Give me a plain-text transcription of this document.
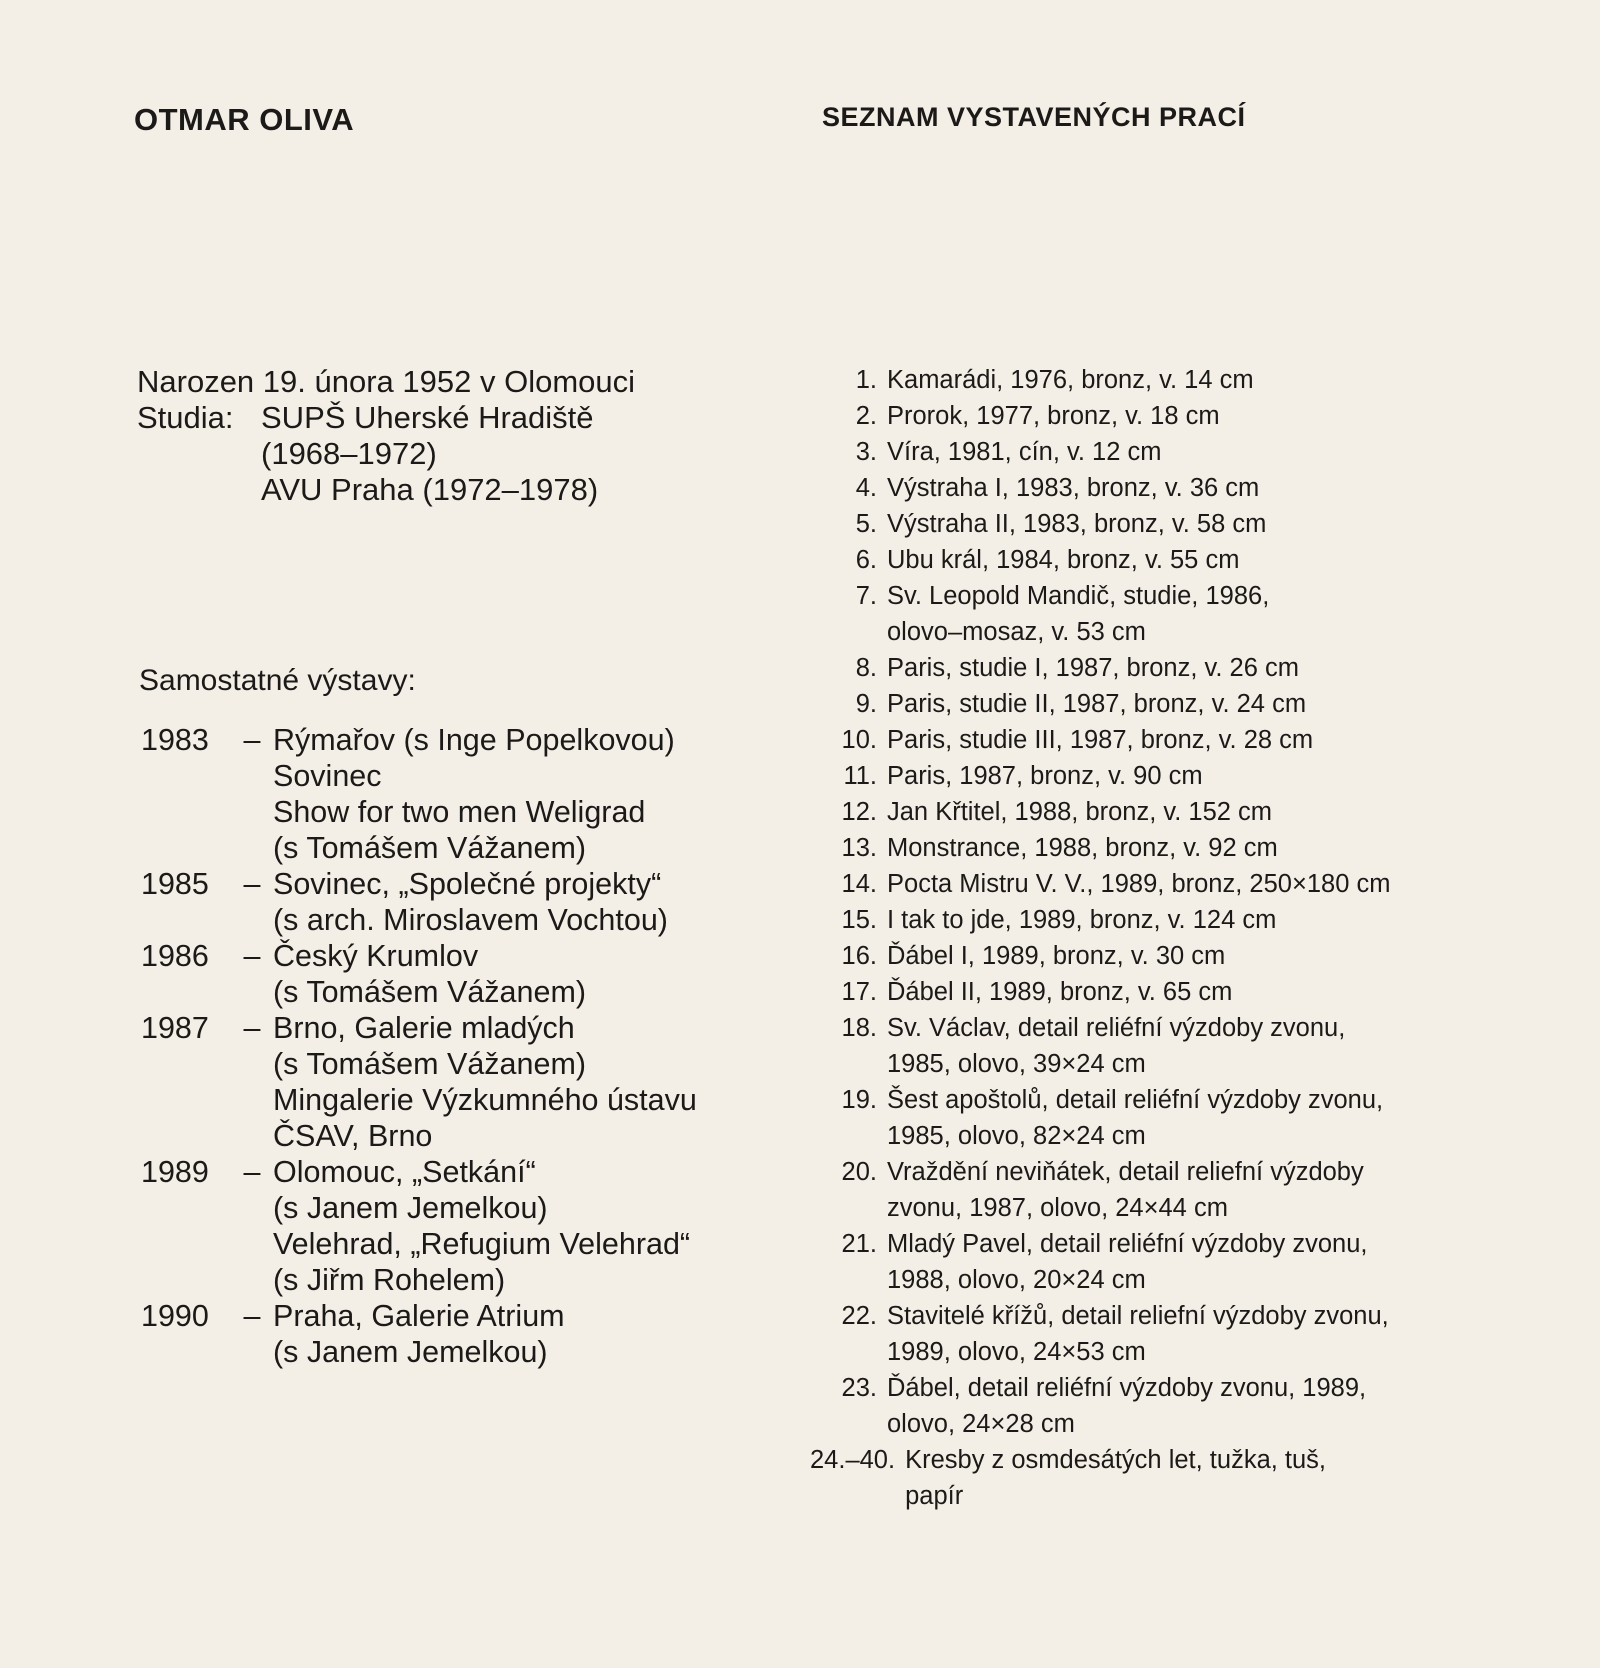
OTMAR OLIVA	SEZNAM VYSTAVENÝCH PRACÍ
Narozen 19. února 1952 v Olomouci
Studia: SUPŠ Uherské Hradiště
(1968–1972)
AVU Praha (1972–1978)
Samostatné výstavy:
1983	– Rýmařov (s Inge Popelkovou)
Sovinec
Show for two men Weligrad
(s Tomášem Vážanem)
1985	– Sovinec, „Společné projekty“
(s arch. Miroslavem Vochtou)
1986	– Český Krumlov
(s Tomášem Vážanem)
1987	– Brno, Galerie mladých
(s Tomášem Vážanem)
Mingalerie Výzkumného ústavu
ČSAV, Brno
1989	– Olomouc, „Setkání“
(s Janem Jemelkou)
Velehrad, „Refugium Velehrad“
(s Jiřm Rohelem)
1990	– Praha, Galerie Atrium
(s Janem Jemelkou)
1. Kamarádi, 1976, bronz, v. 14 cm
2. Prorok, 1977, bronz, v. 18 cm
3. Víra, 1981, cín, v. 12 cm
4. Výstraha I, 1983, bronz, v. 36 cm
5. Výstraha II, 1983, bronz, v. 58 cm
6. Ubu král, 1984, bronz, v. 55 cm
7. Sv. Leopold Mandič, studie, 1986,
olovo–mosaz, v. 53 cm
8. Paris, studie I, 1987, bronz, v. 26 cm
9. Paris, studie II, 1987, bronz, v. 24 cm
10. Paris, studie III, 1987, bronz, v. 28 cm
11. Paris, 1987, bronz, v. 90 cm
12. Jan Křtitel, 1988, bronz, v. 152 cm
13. Monstrance, 1988, bronz, v. 92 cm
14. Pocta Mistru V. V., 1989, bronz, 250×180 cm
15. I tak to jde, 1989, bronz, v. 124 cm
16. Ďábel I, 1989, bronz, v. 30 cm
17. Ďábel II, 1989, bronz, v. 65 cm
18. Sv. Václav, detail reliéfní výzdoby zvonu,
1985, olovo, 39×24 cm
19. Šest apoštolů, detail reliéfní výzdoby zvonu,
1985, olovo, 82×24 cm
20. Vraždění neviňátek, detail reliefní výzdoby
zvonu, 1987, olovo, 24×44 cm
21. Mladý Pavel, detail reliéfní výzdoby zvonu,
1988, olovo, 20×24 cm
22. Stavitelé křížů, detail reliefní výzdoby zvonu,
1989, olovo, 24×53 cm
23. Ďábel, detail reliéfní výzdoby zvonu, 1989,
olovo, 24×28 cm
24.–40. Kresby z osmdesátých let, tužka, tuš,
papír
